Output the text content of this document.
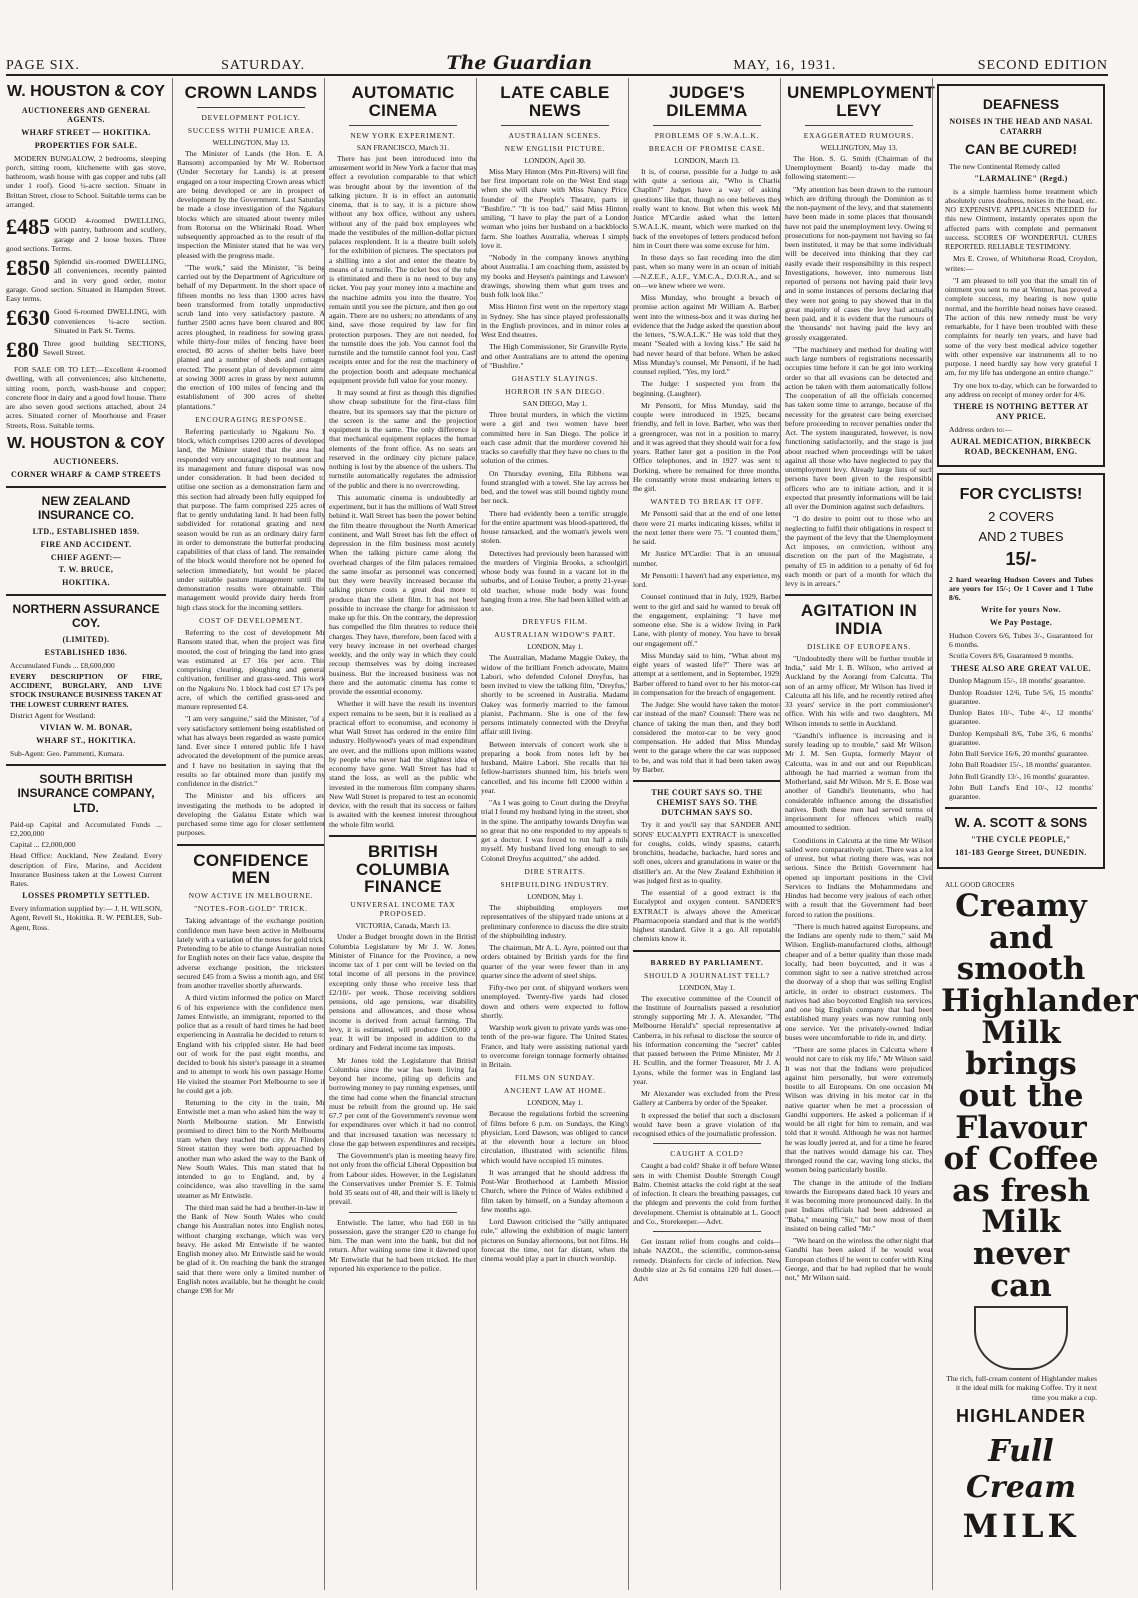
PAGE SIX.	SATURDAY.	The Guardian	MAY, 16, 1931.	SECOND EDITION
W. HOUSTON & COY
AUCTIONEERS AND GENERAL AGENTS.
WHARF STREET — HOKITIKA.
PROPERTIES FOR SALE.

MODERN BUNGALOW, 2 bedrooms, sleeping porch, sitting room, kitchenette with gas stove, bathroom, wash house with gas copper and tubs (all under 1 roof). Good ¼-acre section. Situate in Brittan Street, close to School. Suitable terms can be arranged.

£485 GOOD 4-roomed DWELLING, with pantry, bathroom and scullery, garage and 2 loose boxes. Three good sections. Terms.
£850 Splendid six-roomed DWELLING, all conveniences, recently painted and in very good order, motor garage. Good section. Situated in Hampden Street. Easy terms.
£630 Good 6-roomed DWELLING, with conveniences ¼-acre section. Situated in Park St. Terms.
£80 Three good building SECTIONS, Sewell Street.

FOR SALE OR TO LET:—Excellent 4-roomed dwelling, with all conveniences; also kitchenette, sitting room, porch, wash-house and copper; concrete floor in dairy and a good fowl house. There are also seven good sections attached, about 24 acres. Situated corner of Moorhouse and Fraser Streets, Ross. Suitable terms.

W. HOUSTON & COY
AUCTIONEERS.
CORNER WHARF & CAMP STREETS
NEW ZEALAND INSURANCE CO.
LTD., ESTABLISHED 1859.
FIRE AND ACCIDENT.
CHIEF AGENT:—
T. W. BRUCE,
HOKITIKA.
NORTHERN ASSURANCE COY.
(LIMITED).
ESTABLISHED 1836.
Accumulated Funds ... £8,600,000
EVERY DESCRIPTION OF FIRE, ACCIDENT, BURGLARY, AND LIVE STOCK INSURANCE BUSINESS TAKEN AT THE LOWEST CURRENT RATES.
District Agent for Westland:
VIVIAN W. M. BONAR,
WHARF ST., HOKITIKA.
Sub-Agent: Geo. Pammenti, Kumara.
SOUTH BRITISH INSURANCE COMPANY, LTD.
Paid-up Capital and Accumulated Funds ... £2,200,000
Capital ... £2,000,000
Head Office: Auckland, New Zealand. Every description of Fire, Marine, and Accident Insurance Business taken at the Lowest Current Rates.
LOSSES PROMPTLY SETTLED.
Every information supplied by:— J. H. WILSON, Agent, Revell St., Hokitika. R. W. PEBLES, Sub-Agent, Ross.
CROWN LANDS
DEVELOPMENT POLICY.
SUCCESS WITH PUMICE AREA.
WELLINGTON, May 13.

The Minister of Lands (the Hon. E. A. Ransom) accompanied by Mr W. Robertson (Under Secretary for Lands) is at present engaged on a tour inspecting Crown areas which are being developed or are in prospect of development by the Government. Last Saturday he made a close investigation of the Ngakuru blocks which are situated about twenty miles from Rotorua on the Whirinaki Road. When subsequently approached as to the result of the inspection the Minister stated that he was very pleased with the progress made.

"The work," said the Minister, "is being carried out by the Department of Agriculture on behalf of my Department. In the short space of fifteen months no less than 1300 acres have been transformed from totally unproductive scrub land into very satisfactory pasture. A further 2500 acres have been cleared and 800 acres ploughed, in readiness for sowing grass, while thirty-four miles of fencing have been erected, 80 acres of shelter belts have been planted and a number of sheds and cottages erected. The present plan of development aims at sowing 3000 acres in grass by next autumn, the erection of 100 miles of fencing and the establishment of 300 acres of shelter plantations."

ENCOURAGING RESPONSE.

Referring particularly to Ngakuru No. 1 block, which comprises 1200 acres of developed land, the Minister stated that the area had responded very encouragingly to treatment and its management and future disposal was now under consideration. It had been decided to utilise one section as a demonstration farm and this section had already been fully equipped for that purpose. The farm comprised 225 acres of flat to gently undulating land. It had been fully subdivided for rotational grazing and next season would be run as an ordinary dairy farm in order to demonstrate the butterfat producing capabilities of that class of land. The remainder of the block would therefore not be opened for selection immediately, but would be placed under suitable pasture management until the demonstration results were obtainable. This management would provide dairy herds from high class stock for the incoming settlers.

COST OF DEVELOPMENT.

Referring to the cost of development Mr Ransom stated that, when the project was first mooted, the cost of bringing the land into grass was estimated at £7 16s per acre. This comprising clearing, ploughing and general cultivation, fertiliser and grass-seed. This work on the Ngakuru No. 1 block had cost £7 17s per acre, of which the certified grass-seed and manure represented £4.

"I am very sanguine," said the Minister, "of a very satisfactory settlement being established on what has always been regarded as waste pumice land. Ever since I entered public life I have advocated the development of the pumice areas, and I have no hesitation in saying that the results so far obtained more than justify my confidence in the district."

The Minister and his officers are investigating the methods to be adopted in developing the Galatea Estate which was purchased some time ago for closer settlement purposes.

CONFIDENCE MEN
NOW ACTIVE IN MELBOURNE.
"NOTES-FOR-GOLD" TRICK.

Taking advantage of the exchange position, confidence men have been active in Melbourne lately with a variation of the notes for gold trick. Pretending to be able to change Australian notes for English notes on their face value, despite the adverse exchange position, the tricksters secured £45 from a Swiss a month ago, and £60 from another traveller shortly afterwards.

A third victim informed the police on March 6 of his experience with the confidence men. James Entwistle, an immigrant, reported to the police that as a result of hard times he had been experiencing in Australia he decided to return to England with his crippled sister. He had been out of work for the past eight months, and decided to book his sister's passage in a steamer and to attempt to work his own passage Home. He visited the steamer Port Melbourne to see if he could get a job.

Returning to the city in the train, Mr Entwistle met a man who asked him the way to North Melbourne station. Mr Entwistle promised to direct him to the North Melbourne tram when they reached the city. At Flinders Street station they were both approached by another man who asked the way to the Bank of New South Wales. This man stated that he intended to go to England, and, by a coincidence, was also travelling in the same steamer as Mr Entwistle.

The third man said he had a brother-in-law in the Bank of New South Wales who could change his Australian notes into English notes, without charging exchange, which was very heavy. He asked Mr Entwistle if he wanted English money also. Mr Entwistle said he would be glad of it. On reaching the bank the stranger said that there were only a limited number of English notes available, but he thought he could change £98 for Mr

AUTOMATIC CINEMA
NEW YORK EXPERIMENT.
SAN FRANCISCO, March 31.

There has just been introduced into the amusement world in New York a factor that may effect a revolution comparable to that which was brought about by the invention of the talking picture. It is in effect an automatic cinema, that is to say, it is a picture show without any box office, without any ushers, without any of the paid box employees who made the vestibules of the million-dollar picture palaces resplendent. It is a theatre built solely for the exhibition of pictures. The spectators put a shilling into a slot and enter the theatre by means of a turnstile. The ticket box of the tube is eliminated and there is no need to buy any ticket. You pay your money into a machine and the machine admits you into the theatre. You remain until you see the picture, and then go out again. There are no ushers; no attendants of any kind, save those required by law for fire protection purposes. They are not needed, for the turnstile does the job. You cannot fool the turnstile and the turnstile cannot fool you. Cash receipts enter and for the rest the machinery of the projection booth and adequate mechanical equipment provide full value for your money.

It may sound at first as though this dignified show cheap substitute for the first-class film theatre, but its sponsors say that the picture on the screen is the same and the projection equipment is the same. The only difference is that mechanical equipment replaces the human elements of the front office. As no seats are reserved in the ordinary city picture palace, nothing is lost by the absence of the ushers. The turnstile automatically regulates the admission of the public and there is no overcrowding.

This automatic cinema is undoubtedly an experiment, but it has the millions of Wall Street behind it. Wall Street has been the power behind the film theatre throughout the North American continent, and Wall Street has felt the effect of depression in the film business most acutely. When the talking picture came along the overhead charges of the film palaces remained the same insofar as personnel was concerned, but they were heavily increased because the talking picture costs a great deal more to produce than the silent film. It has not been possible to increase the charge for admission to make up for this. On the contrary, the depression has compelled the film theatres to reduce their charges. They have, therefore, been faced with a very heavy increase in net overhead charges weekly, and the only way in which they could recoup themselves was by doing increased business. But the increased business was not there and the automatic cinema has come to provide the essential economy.

Whether it will have the result its inventors expect remains to be seen, but it is realised as a practical effort to economise, and economy is what Wall Street has ordered in the entire film industry. Hollywood's years of mad expenditure are over, and the millions upon millions wasted by people who never had the slightest idea of economy have gone. Wall Street has had to stand the loss, as well as the public who invested in the numerous film company shares. New Wall Street is prepared to test an economic device, with the result that its success or failure is awaited with the keenest interest throughout the whole film world.

BRITISH COLUMBIA FINANCE
UNIVERSAL INCOME TAX PROPOSED.
VICTORIA, Canada, March 13.

Under a Budget brought down in the British Columbia Legislature by Mr J. W. Jones, Minister of Finance for the Province, a new income tax of 1 per cent will be levied on the total income of all persons in the province, excepting only those who receive less than £2/10/- per week. Those receiving soldiers' pensions, old age pensions, war disability pensions and allowances, and those whose income is derived from actual farming. The levy, it is estimated, will produce £500,000 a year. It will be imposed in addition to the ordinary and Federal income tax imposts.

Mr Jones told the Legislature that British Columbia since the war has been living far beyond her income, piling up deficits and borrowing money to pay running expenses, until the time had come when the financial structure must be rebuilt from the ground up. He said 67.7 per cent of the Government's revenue went for expenditures over which it had no control, and that increased taxation was necessary to close the gap between expenditures and receipts.

The Government's plan is meeting heavy fire, not only from the official Liberal Opposition but from Labour sides. However, in the Legislature the Conservatives under Premier S. F. Tolmie hold 35 seats out of 48, and their will is likely to prevail.

Entwistle. The latter, who had £60 in his possession, gave the stranger £20 to change for him. The man went into the bank, but did not return. After waiting some time it dawned upon Mr Entwistle that he had been tricked. He then reported his experience to the police.

LATE CABLE NEWS
AUSTRALIAN SCENES.
NEW ENGLISH PICTURE.
LONDON, April 30.

Miss Mary Hinton (Mrs Pitt-Rivers) will find her first important role on the West End stage when she will share with Miss Nancy Price, founder of the People's Theatre, parts in "Bushfire." "It is too bad," said Miss Hinton, smiling, "I have to play the part of a London woman who joins her husband on a backblocks farm. She loathes Australia, whereas I simply love it.

"Nobody in the company knows anything about Australia. I am coaching them, assisted by my books and Heysen's paintings and Lawson's drawings, showing them what gum trees and bush folk look like."

Miss Hinton first went on the repertory stage in Sydney. She has since played professionally in the English provinces, and in minor roles at West End theatres.

The High Commissioner, Sir Granville Ryrie, and other Australians are to attend the opening of "Bushfire."

GHASTLY SLAYINGS.
HORROR IN SAN DIEGO.
SAN DIEGO, May 1.

Three brutal murders, in which the victims were a girl and two women have been committed here in San Diego. The police in each case admit that the murderer covered his tracks so carefully that they have no clues to the solution of the crimes.

On Thursday evening, Ella Ribbens was found strangled with a towel. She lay across her bed, and the towel was still bound tightly round her neck.

There had evidently been a terrific struggle, for the entire apartment was blood-spattered, the house ransacked, and the woman's jewels were stolen.

Detectives had previously been harassed with the murders of Virginia Brooks, a schoolgirl, whose body was found in a vacant lot in the suburbs, and of Louise Teuber, a pretty 21-year-old teacher, whose nude body was found hanging from a tree. She had been killed with an axe.

DREYFUS FILM.
AUSTRALIAN WIDOW'S PART.
LONDON, May 1.

The Australian, Madame Maggie Oakey, the widow of the brilliant French advocate, Maitre Labori, who defended Colonel Dreyfus, has been invited to view the talking film, "Dreyfus," shortly to be screened in Australia. Madame Oakey was formerly married to the famous pianist, Pachmann. She is one of the few persons intimately connected with the Dreyfus affair still living.

Between intervals of concert work she is preparing a book from notes left by her husband, Maitre Labori. She recalls that his fellow-barristers shunned him, his briefs were cancelled, and his income fell £2000 within a year.

"As I was going to Court during the Dreyfus trial I found my husband lying in the street, shot in the spine. The antipathy towards Dreyfus was so great that no one responded to my appeals to get a doctor. I was forced to run half a mile myself. My husband lived long enough to see Colonel Dreyfus acquitted," she added.

DIRE STRAITS.
SHIPBUILDING INDUSTRY.
LONDON, May 1.

The shipbuilding employers met representatives of the shipyard trade unions at a preliminary conference to discuss the dire straits of the shipbuilding industry.

The chairman, Mr A. L. Ayre, pointed out that orders obtained by British yards for the first quarter of the year were fewer than in any quarter since the advent of steel ships.

Fifty-two per cent. of shipyard workers were unemployed. Twenty-five yards had closed down and others were expected to follow shortly.

Warship work given to private yards was one-tenth of the pre-war figure. The United States, France, and Italy were assisting national yards to overcome foreign tonnage formerly obtained in Britain.

FILMS ON SUNDAY.
ANCIENT LAW AT HOME.
LONDON, May 1.

Because the regulations forbid the screening of films before 6 p.m. on Sundays, the King's physician, Lord Dawson, was obliged to cancel at the eleventh hour a lecture on blood circulation, illustrated with scientific films, which would have occupied 15 minutes.

It was arranged that he should address the Post-War Brotherhood at Lambeth Mission Church, where the Prince of Wales exhibited a film taken by himself, on a Sunday afternoon a few months ago.

Lord Dawson criticised the "silly antiquated rule," allowing the exhibition of magic lantern pictures on Sunday afternoons, but not films. He forecast the time, not far distant, when the cinema would play a part in church worship.

JUDGE'S DILEMMA
PROBLEMS OF S.W.A.L.K.
BREACH OF PROMISE CASE.
LONDON, March 13.

It is, of course, possible for a Judge to ask with quite a serious air, "Who is Charlie Chaplin?" Judges have a way of asking questions like that, though no one believes they really want to know. But when this week Mr Justice M'Cardie asked what the letters S.W.A.L.K. meant, which were marked on the back of the envelopes of letters produced before him in Court there was some excuse for him.

In these days so fast receding into the dim past, when so many were in an ocean of initials—N.Z.E.F., A.I.F., Y.M.C.A., D.O.R.A., and so on—we knew where we were.

Miss Munday, who brought a breach of promise action against Mr William A. Barber, went into the witness-box and it was during her evidence that the Judge asked the question about the letters, "S.W.A.L.K." He was told that they meant "Sealed with a loving kiss." He said he had never heard of that before. When he asked Miss Munday's counsel, Mr Pensotti, if he had, counsel replied, "Yes, my lord."

The Judge: I suspected you from the beginning. (Laughter).

Mr Pensotti, for Miss Munday, said the couple were introduced in 1925, became friendly, and fell in love. Barber, who was then a greengrocer, was not in a position to marry, and it was agreed that they should wait for a few years. Rather later got a position in the Post Office telephones, and in 1927 was sent to Dorking, where he remained for three months. He constantly wrote most endearing letters to the girl.

WANTED TO BREAK IT OFF.

Mr Pensotti said that at the end of one letter there were 21 marks indicating kisses, whilst in the next letter there were 75. "I counted them," he said.

Mr Justice M'Cardie: That is an unusual number.

Mr Pensotti: I haven't had any experience, my lord.

Counsel continued that in July, 1929, Barber went to the girl and said he wanted to break off the engagement, explaining: "I have met someone else. She is a widow living in Park Lane, with plenty of money. You have to break our engagement off."

Miss Munday said to him, "What about my eight years of wasted life?" There was an attempt at a settlement, and in September, 1929, Barber offered to hand over to her his motor-car in compensation for the breach of engagement.

The Judge: She would have taken the motor-car instead of the man? Counsel: There was no chance of taking the man then, and they both considered the motor-car to be very good compensation. He added that Miss Munday went to the garage where the car was supposed to be, and was told that it had been taken away by Barber.

THE COURT SAYS SO. THE CHEMIST SAYS SO. THE DUTCHMAN SAYS SO.

Try it and you'll say that SANDER AND SONS' EUCALYPTI EXTRACT is unexcelled for coughs, colds, windy spasms, catarrh, bronchitis, headache, backache, hard sores and soft ones, ulcers and granulations in water or the distiller's art. At the New Zealand Exhibition it was judged first as to quality.

The essential of a good extract is the Eucalyptol and oxygen content. SANDER'S EXTRACT is always above the American Pharmacopoeia standard and that is the world's highest standard. Give it a go. All reputable chemists know it.

BARRED BY PARLIAMENT.
SHOULD A JOURNALIST TELL?
LONDON, May 1.

The executive committee of the Council of the Institute of Journalists passed a resolution strongly supporting Mr J. A. Alexander, "The Melbourne Herald's" special representative at Canberra, in his refusal to disclose the source of his information concerning the "secret" cables that passed between the Prime Minister, Mr J. H. Scullin, and the former Treasurer, Mr J. A. Lyons, while the former was in England last year.

Mr Alexander was excluded from the Press Gallery at Canberra by order of the Speaker.

It expressed the belief that such a disclosure would have been a grave violation of the recognised ethics of the journalistic profession.

CAUGHT A COLD?

Caught a bad cold? Shake it off before Winter sets in with Chemist Double Strength Cough Balm. Chemist attacks the cold right at the seat of infection. It clears the breathing passages, cut the phlegm and prevents the cold from further development. Chemist is obtainable at L. Gooch and Co., Storekeeper.—Advt.

Get instant relief from coughs and colds—inhale NAZOL, the scientific, common-sense remedy. Disinfects for circle of infection. New double size at 2s 6d contains 120 full doses.—Advt

UNEMPLOYMENT LEVY
EXAGGERATED RUMOURS.
WELLINGTON, May 13.

The Hon. S. G. Smith (Chairman of the Unemployment Board) to-day made the following statement:—

"My attention has been drawn to the rumours which are drifting through the Dominion as to the non-payment of the levy, and that statements have been made in some places that thousands have not paid the unemployment levy. Owing to prosecutions for non-payment not having so far been instituted, it may be that some individuals will be deceived into thinking that they can easily evade their responsibility in this respect. Investigations, however, into numerous lists reported of persons not having paid their levy and in some instances of persons declaring that they were not going to pay showed that in the great majority of cases the levy had actually been paid, and it is evident that the rumours of the 'thousands' not having paid the levy are grossly exaggerated.

"The machinery and method for dealing with such large numbers of registrations necessarily occupies time before it can be got into working order so that all evasions can be detected and action be taken with them automatically follow. The cooperation of all the officials concerned has taken some time to arrange, because of the necessity for the greatest care being exercised before proceeding to recover penalties under the Act. The system inaugurated, however, is now functioning satisfactorily, and the stage is just about reached when proceedings will be taken against all those who have neglected to pay the unemployment levy. Already large lists of such persons have been given to the responsible officers who are to initiate action, and it is expected that presently informations will be laid all over the Dominion against such defaulters.

"I do desire to point out to those who are neglecting to fulfil their obligations in respect to the payment of the levy that the Unemployment Act imposes, on conviction, without any discretion on the part of the Magistrate, a penalty of £5 in addition to a penalty of 6d for each month or part of a month for which the levy is in arrears."

AGITATION IN INDIA
DISLIKE OF EUROPEANS.

"Undoubtedly there will be further trouble in India," said Mr I. B. Wilson, who arrived at Auckland by the Aorangi from Calcutta. The son of an army officer, Mr Wilson has lived in Calcutta all his life, and he recently retired after 33 years' service in the port commissioner's office. With his wife and two daughters, Mr Wilson intends to settle in Auckland.

"Gandhi's influence is increasing and is surely leading up to trouble," said Mr Wilson. Mr J. M. Sen Gupta, formerly Mayor of Calcutta, was in and out and out Republican, although he had married a woman from the Motherland, said Mr Wilson. Mr S. E. Bose was another of Gandhi's lieutenants, who had considerable influence among the dissatisfied natives. Both these men had served terms of imprisonment for offences which really amounted to sedition.

Conditions in Calcutta at the time Mr Wilson sailed were comparatively quiet. There was a lot of unrest, but what rioting there was, was not serious. Since the British Government had opened up important positions in the Civil Services to Indians the Mohammedans and Hindus had become very jealous of each other, with a result that the Government had been forced to ration the positions.

"There is much hatred against Europeans, and the Indians are openly rude to them," said Mr Wilson. English-manufactured cloths, although cheaper and of a better quality than those made locally, had been boycotted, and it was a common sight to see a native stretched across the doorway of a shop that was selling English article, in order to obstruct customers. The natives had also boycotted English tea services, and one big English company that had been established many years was now running only one service. Yet the privately-owned Indian buses were uncomfortable to ride in, and dirty.

"There are some places in Calcutta where I would not care to risk my life," Mr Wilson said. It was not that the Indians were prejudiced against him personally, but were extremely hostile to all Europeans. On one occasion Mr Wilson was driving in his motor car in the native quarter when he met a procession of Gandhi supporters. He asked a policeman if it would be all right for him to remain, and was told that it would. Although he was not harmed he was loudly jeered at, and for a time he feared that the natives would damage his car. They thronged round the car, waving long sticks, the women being particularly hostile.

The change in the attitude of the Indians towards the Europeans dated back 10 years and it was becoming more pronounced daily. In the past Indians officials had been addressed as "Baba," meaning "Sir," but now most of them insisted on being called "Mr."

"We heard on the wireless the other night that Gandhi has been asked if he would wear European clothes if he went to confer with King George, and that he had replied that he would not," Mr Wilson said.

DEAFNESS
NOISES IN THE HEAD AND NASAL CATARRH
CAN BE CURED!
The new Continental Remedy called
"LARMALINE" (Regd.)

is a simple harmless home treatment which absolutely cures deafness, noises in the head, etc. NO EXPENSIVE APPLIANCES NEEDED for this new Ointment, instantly operates upon the affected parts with complete and permanent success. SCORES OF WONDERFUL CURES REPORTED. RELIABLE TESTIMONY.

Mrs E. Crowe, of Whitehorse Road, Croydon, writes:—

"I am pleased to tell you that the small tin of ointment you sent to me at Ventnor, has proved a complete success, my hearing is now quite normal, and the horrible head noises have ceased. The action of this new remedy must be very remarkable, for I have been troubled with these complaints for nearly ten years, and have had some of the very best medical advice together with other expensive ear instruments all to no purpose. I need hardly say how very grateful I am, for my life has undergone an entire change."

Try one box to-day, which can be forwarded to any address on receipt of money order for 4/6.

THERE IS NOTHING BETTER AT ANY PRICE.
Address orders to:—
AURAL MEDICATION, BIRKBECK ROAD, BECKENHAM, ENG.
FOR CYCLISTS!
2 COVERS
AND 2 TUBES
15/-
2 hard wearing Hudson Covers and Tubes are yours for 15/-; Or 1 Cover and 1 Tube 8/6.
Write for yours Now.
We Pay Postage.
Hudson Covers 6/6, Tubes 3/-, Guaranteed for 6 months.
Scotia Covers 8/6, Guaranteed 9 months.
THESE ALSO ARE GREAT VALUE.
Dunlop Magnum 15/-, 18 months' guarantee.
Dunlop Roadster 12/6, Tube 5/6, 15 months' guarantee.
Dunlop Bates 10/-, Tube 4/-, 12 months' guarantee.
Dunlop Kempshall 8/6, Tube 3/6, 6 months' guarantee.
John Bull Service 16/6, 20 months' guarantee.
John Bull Roadster 15/-, 18 months' guarantee.
John Bull Grandly 13/-, 16 months' guarantee.
John Bull Land's End 10/-, 12 months' guarantee.
W. A. SCOTT & SONS
"THE CYCLE PEOPLE,"
181-183 George Street, DUNEDIN.
ALL GOOD GROCERS
Creamy and smooth Highlander Milk brings out the Flavour of Coffee as fresh Milk never can
The rich, full-cream content of Highlander makes it the ideal milk for making Coffee. Try it next time you make a cup.
HIGHLANDER
Full Cream
MILK
